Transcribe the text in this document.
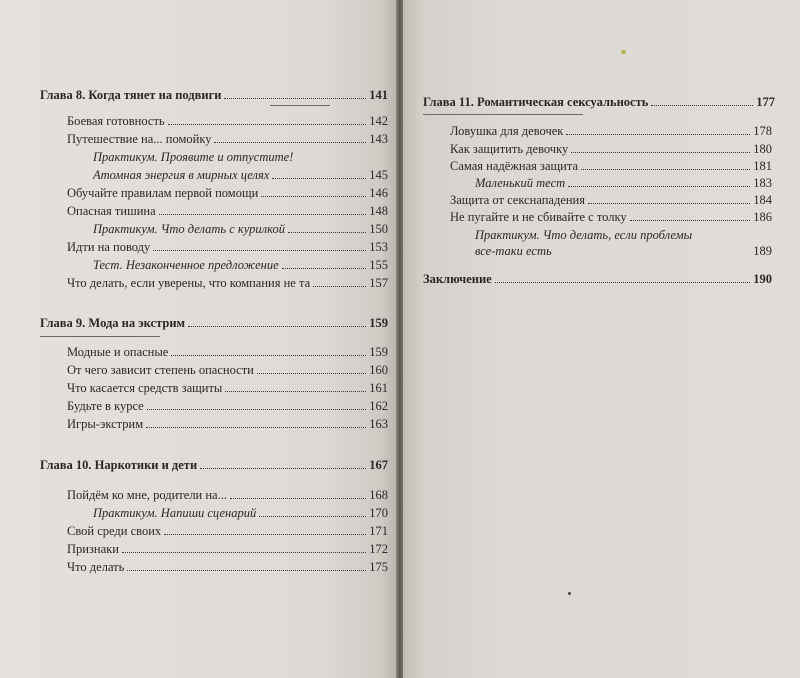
Глава 8. Когда тянет на подвиги	141
Боевая готовность	142
Путешествие на... помойку	143
Практикум. Проявите и отпустите!
Атомная энергия в мирных целях	145
Обучайте правилам первой помощи	146
Опасная тишина	148
Практикум. Что делать с курилкой	150
Идти на поводу	153
Тест. Незаконченное предложение	155
Что делать, если уверены, что компания не та	157
Глава 9. Мода на экстрим	159
Модные и опасные	159
От чего зависит степень опасности	160
Что касается средств защиты	161
Будьте в курсе	162
Игры-экстрим	163
Глава 10. Наркотики и дети	167
Пойдём ко мне, родители на...	168
Практикум. Напиши сценарий	170
Свой среди своих	171
Признаки	172
Что делать	175
Глава 11. Романтическая сексуальность	177
Ловушка для девочек	178
Как защитить девочку	180
Самая надёжная защита	181
Маленький тест	183
Защита от секснападения	184
Не пугайте и не сбивайте с толку	186
Практикум. Что делать, если проблемы
все-таки есть	189
Заключение	190
